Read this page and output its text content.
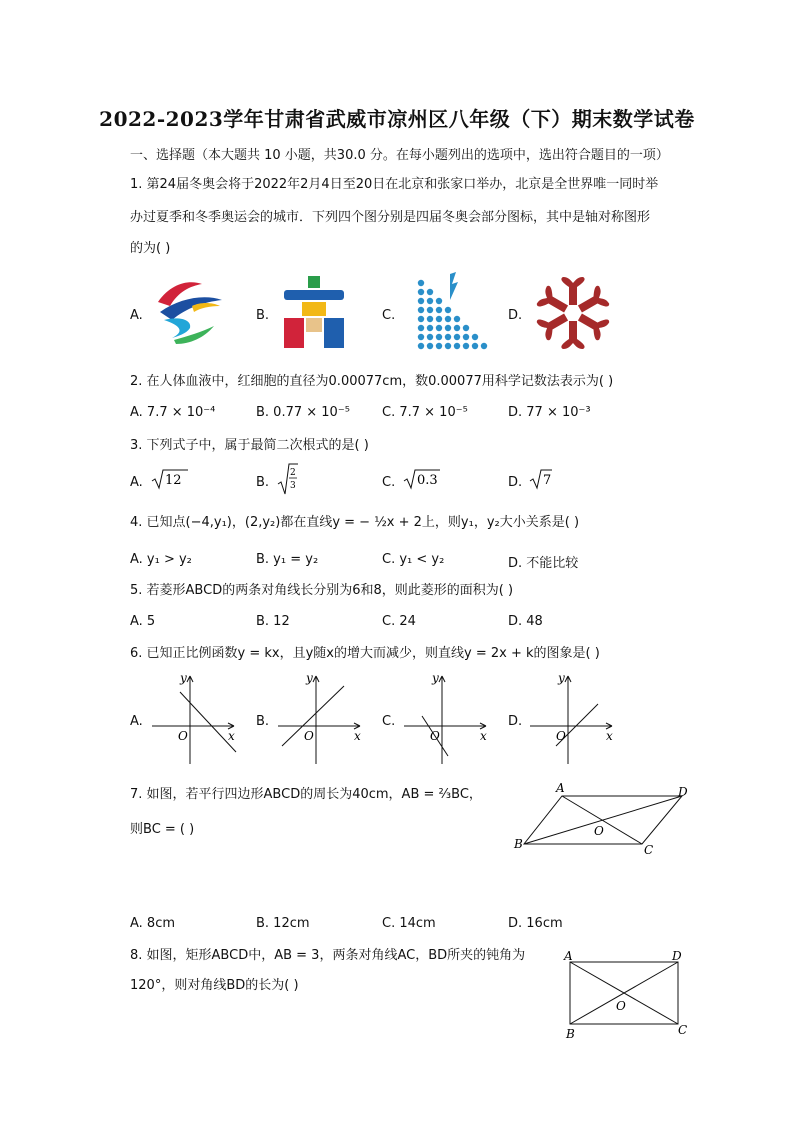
2022-2023学年甘肃省武威市凉州区八年级（下）期末数学试卷
一、选择题（本大题共 10 小题，共30.0 分。在每小题列出的选项中，选出符合题目的一项）
1. 第24届冬奥会将于2022年2月4日至20日在北京和张家口举办，北京是全世界唯一同时举
办过夏季和冬季奥运会的城市．下列四个图分别是四届冬奥会部分图标，其中是轴对称图形
的为( )
A.	B.	C.	D.
2. 在人体血液中，红细胞的直径为0.00077cm，数0.00077用科学记数法表示为( )
A. 7.7 × 10⁻⁴	B. 0.77 × 10⁻⁵ C. 7.7 × 10⁻⁵	D. 77 × 10⁻³
3. 下列式子中，属于最简二次根式的是( )
A. 12	B.
2
3	C. 0.3	D. 7
4. 已知点(−4,y₁)，(2,y₂)都在直线y = − ½x + 2上，则y₁，y₂大小关系是( )
A. y₁ > y₂	B. y₁ = y₂	C. y₁ < y₂	D. 不能比较
5. 若菱形ABCD的两条对角线长分别为6和8，则此菱形的面积为( )
A. 5	B. 12	C. 24	D. 48
6. 已知正比例函数y = kx，且y随x的增大而减少，则直线y = 2x + k的图象是( )
A.
x
y
O
B.
x
y
O
C.
x
y
O
D.
x
y
O
7. 如图，若平行四边形ABCD的周长为40cm，AB = ⅔BC，
则BC = ( )
A	D
B	C
O
A. 8cm	B. 12cm	C. 14cm	D. 16cm
8. 如图，矩形ABCD中，AB = 3，两条对角线AC，BD所夹的钝角为
120°，则对角线BD的长为( )
A	D
B	C
O
